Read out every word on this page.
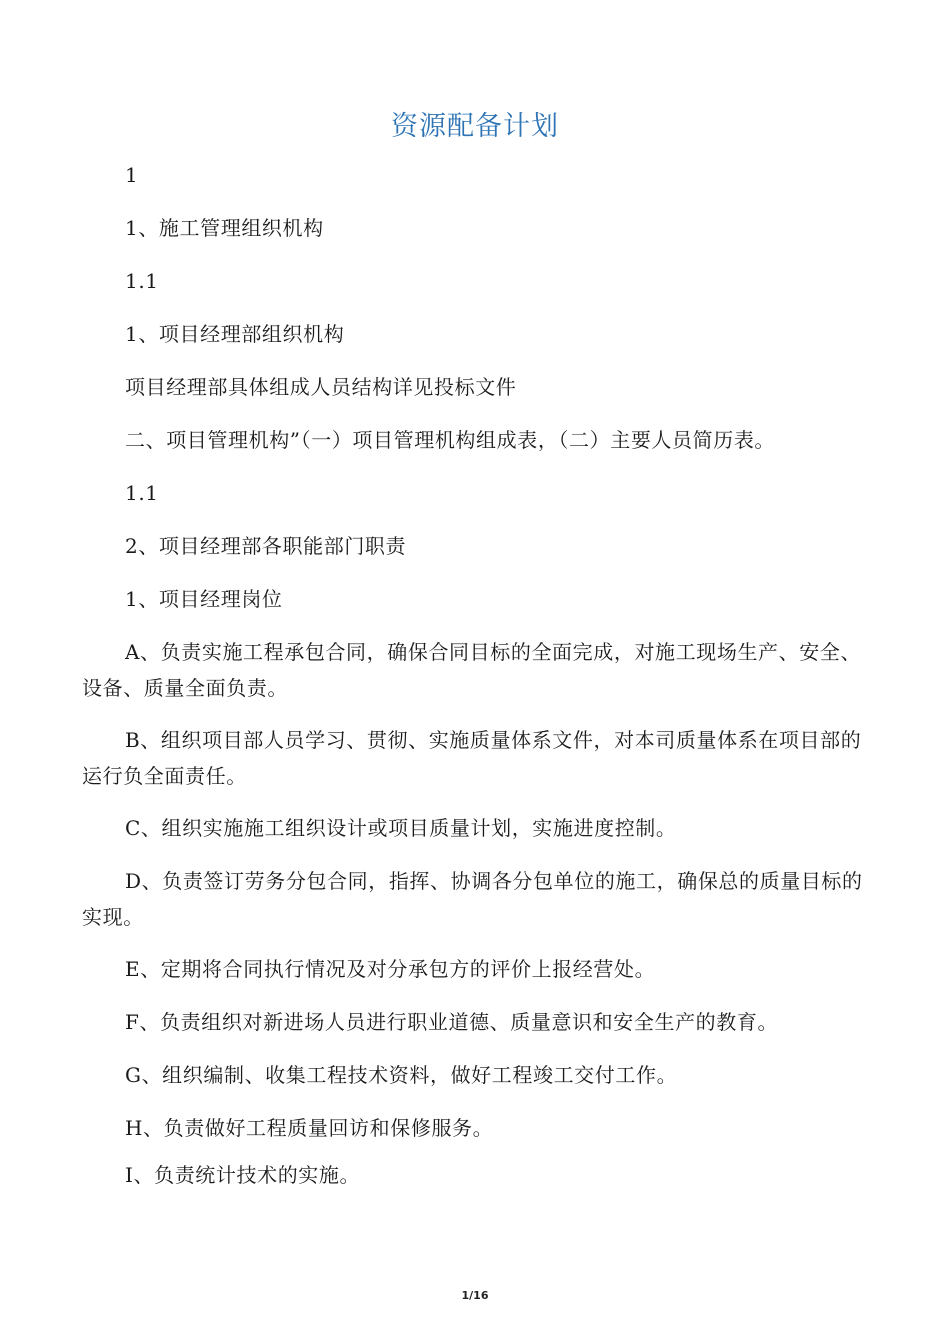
资源配备计划
1
1、施工管理组织机构
1.1
1、项目经理部组织机构
项目经理部具体组成人员结构详见投标文件
二、项目管理机构”（一）项目管理机构组成表，（二）主要人员简历表。
1.1
2、项目经理部各职能部门职责
1、项目经理岗位
A、负责实施工程承包合同，确保合同目标的全面完成，对施工现场生产、安全、设备、质量全面负责。
B、组织项目部人员学习、贯彻、实施质量体系文件，对本司质量体系在项目部的运行负全面责任。
C、组织实施施工组织设计或项目质量计划，实施进度控制。
D、负责签订劳务分包合同，指挥、协调各分包单位的施工，确保总的质量目标的实现。
E、定期将合同执行情况及对分承包方的评价上报经营处。
F、负责组织对新进场人员进行职业道德、质量意识和安全生产的教育。
G、组织编制、收集工程技术资料，做好工程竣工交付工作。
H、负责做好工程质量回访和保修服务。
I、负责统计技术的实施。
1/16
